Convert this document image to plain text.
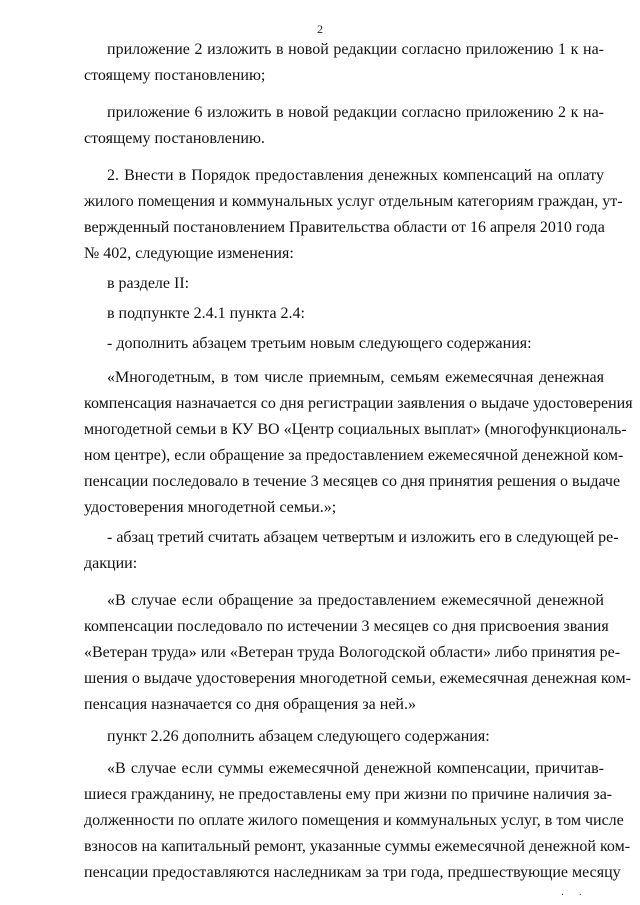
2
приложение 2 изложить в новой редакции согласно приложению 1 к на-
стоящему постановлению;
приложение 6 изложить в новой редакции согласно приложению 2 к на-
стоящему постановлению.
2. Внести в Порядок предоставления денежных компенсаций на оплату
жилого помещения и коммунальных услуг отдельным категориям граждан, ут-
вержденный постановлением Правительства области от 16 апреля 2010 года
№ 402, следующие изменения:
в разделе II:
в подпункте 2.4.1 пункта 2.4:
- дополнить абзацем третьим новым следующего содержания:
«Многодетным, в том числе приемным, семьям ежемесячная денежная
компенсация назначается со дня регистрации заявления о выдаче удостоверения
многодетной семьи в КУ ВО «Центр социальных выплат» (многофункциональ-
ном центре), если обращение за предоставлением ежемесячной денежной ком-
пенсации последовало в течение 3 месяцев со дня принятия решения о выдаче
удостоверения многодетной семьи.»;
- абзац третий считать абзацем четвертым и изложить его в следующей ре-
дакции:
«В случае если обращение за предоставлением ежемесячной денежной
компенсации последовало по истечении 3 месяцев со дня присвоения звания
«Ветеран труда» или «Ветеран труда Вологодской области» либо принятия ре-
шения о выдаче удостоверения многодетной семьи, ежемесячная денежная ком-
пенсация назначается со дня обращения за ней.»
пункт 2.26 дополнить абзацем следующего содержания:
«В случае если суммы ежемесячной денежной компенсации, причитав-
шиеся гражданину, не предоставлены ему при жизни по причине наличия за-
долженности по оплате жилого помещения и коммунальных услуг, в том числе
взносов на капитальный ремонт, указанные суммы ежемесячной денежной ком-
пенсации предоставляются наследникам за три года, предшествующие месяцу
· ·
